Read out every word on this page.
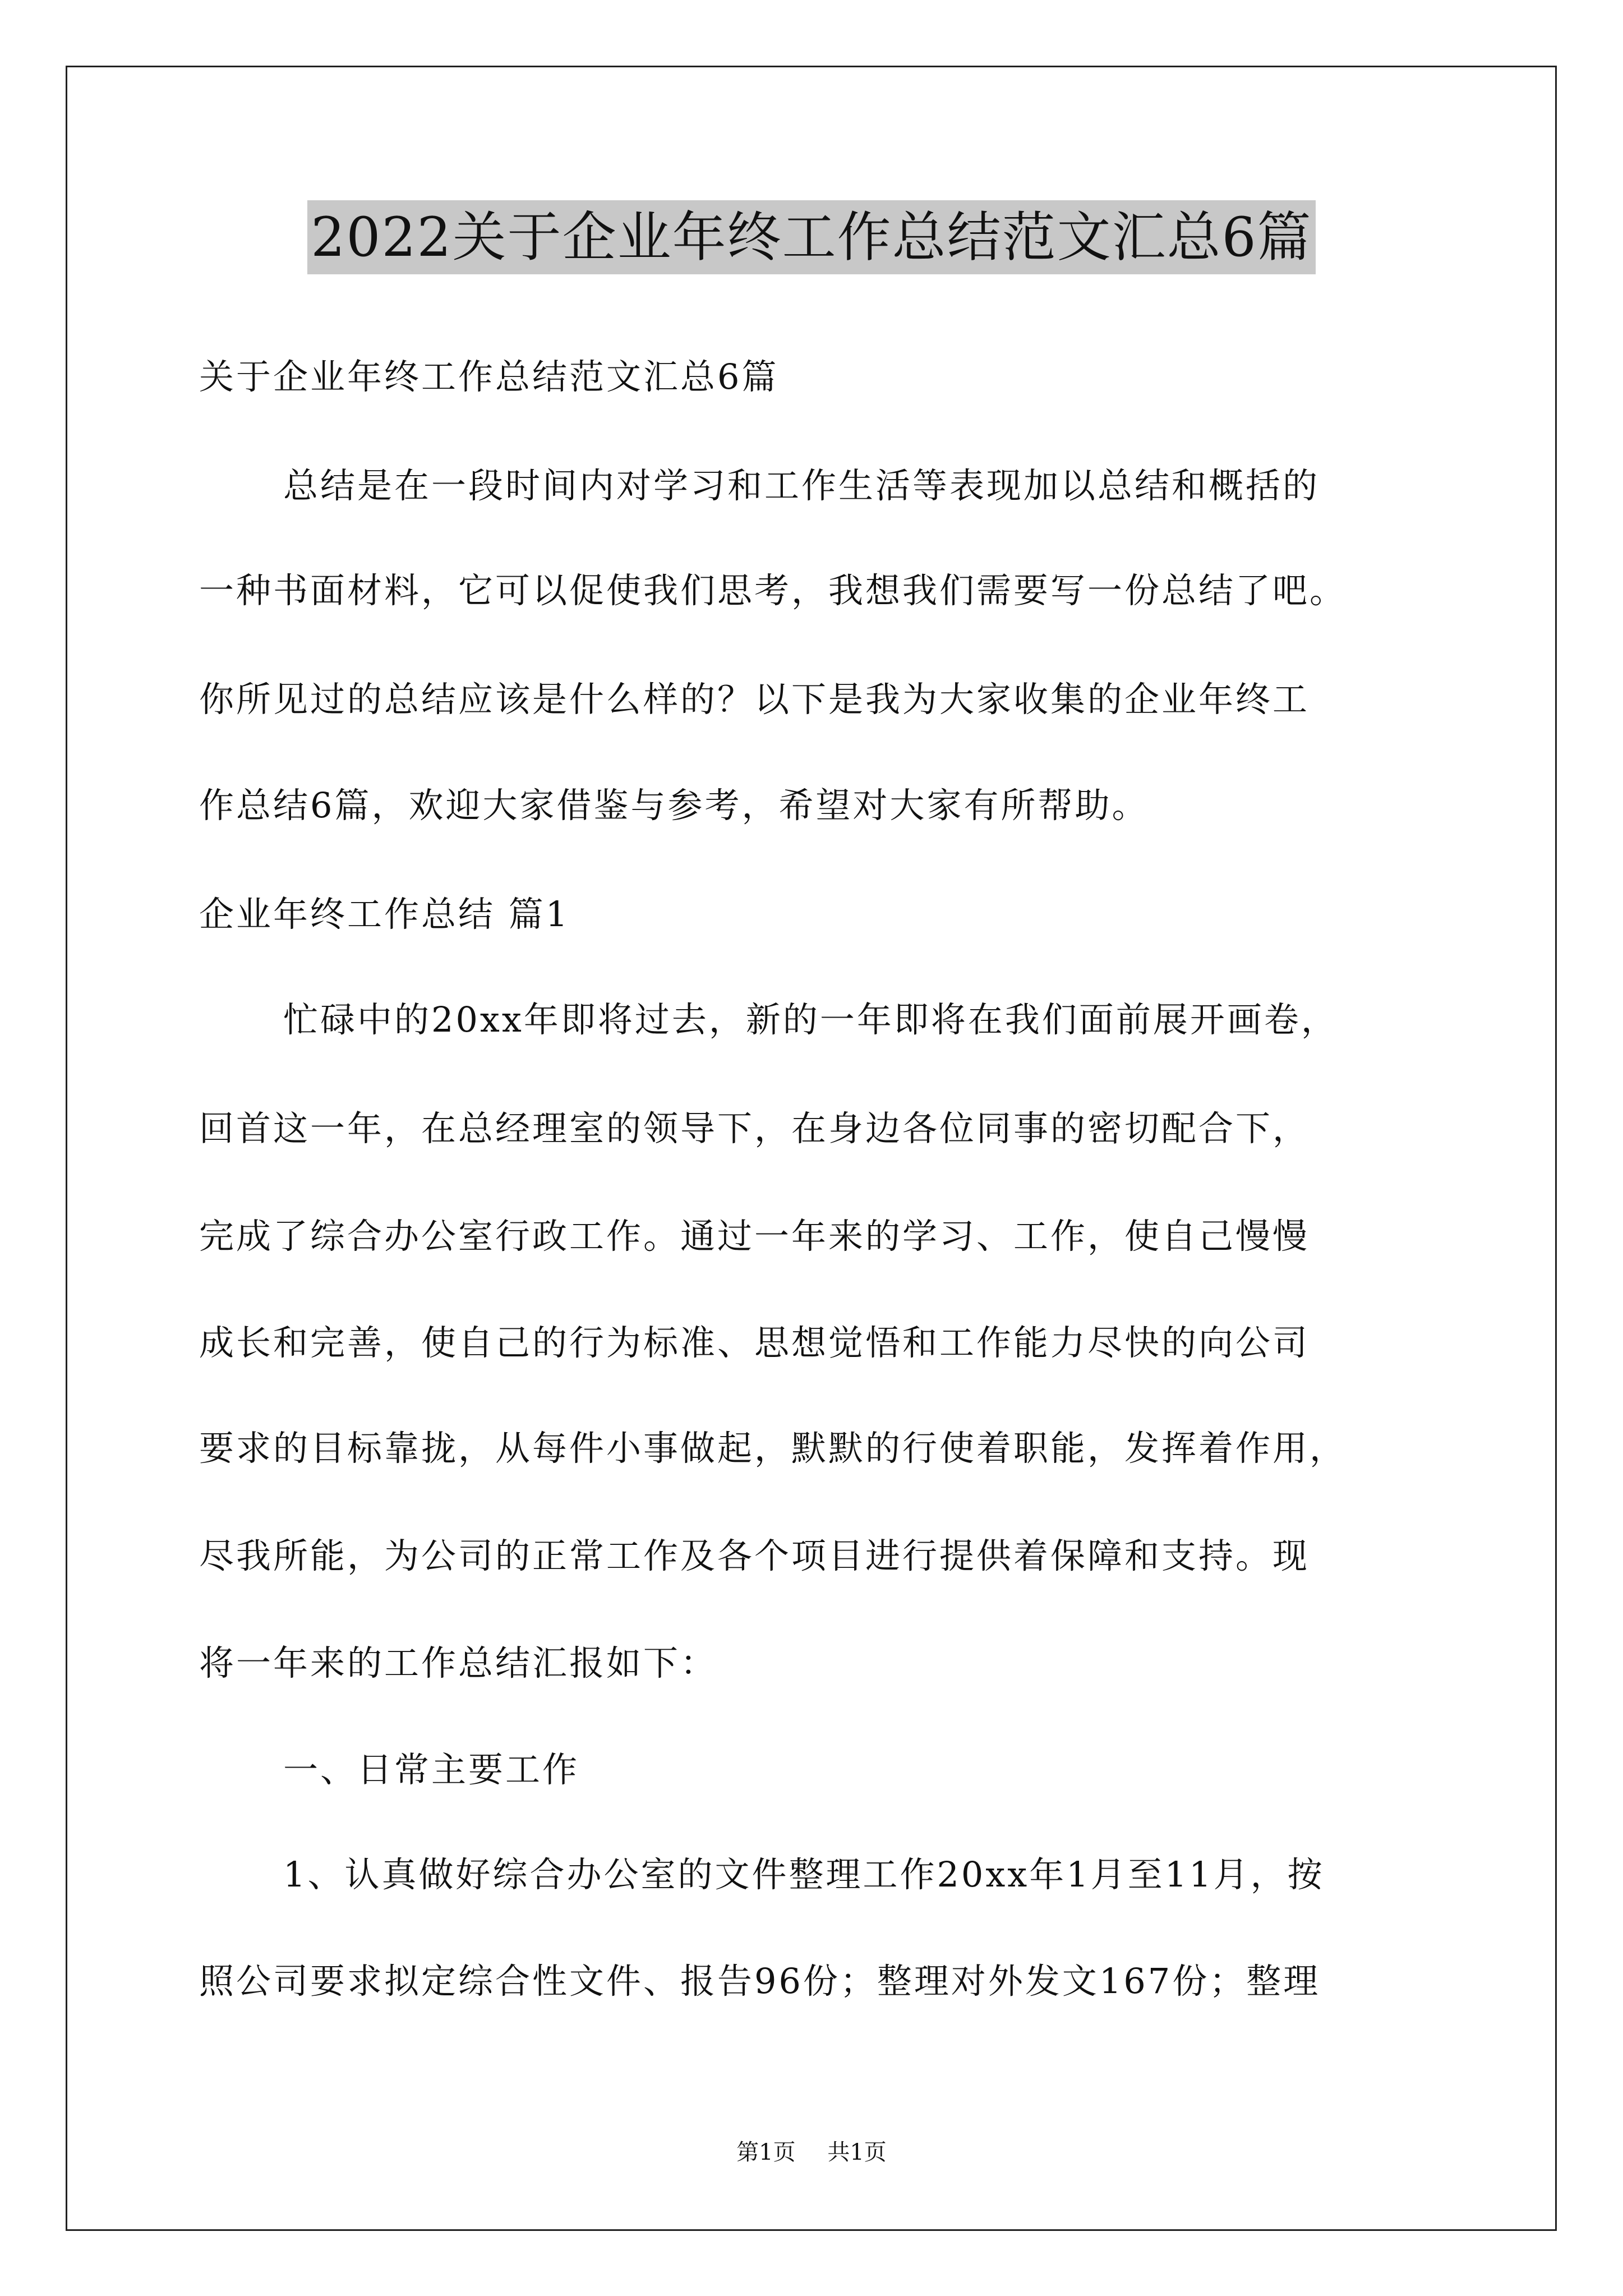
2022关于企业年终工作总结范文汇总6篇
关于企业年终工作总结范文汇总6篇
总结是在一段时间内对学习和工作生活等表现加以总结和概括的
一种书面材料，它可以促使我们思考，我想我们需要写一份总结了吧。
你所见过的总结应该是什么样的？以下是我为大家收集的企业年终工
作总结6篇，欢迎大家借鉴与参考，希望对大家有所帮助。
企业年终工作总结 篇1
忙碌中的20xx年即将过去，新的一年即将在我们面前展开画卷，
回首这一年，在总经理室的领导下，在身边各位同事的密切配合下，
完成了综合办公室行政工作。通过一年来的学习、工作，使自己慢慢
成长和完善，使自己的行为标准、思想觉悟和工作能力尽快的向公司
要求的目标靠拢，从每件小事做起，默默的行使着职能，发挥着作用，
尽我所能，为公司的正常工作及各个项目进行提供着保障和支持。现
将一年来的工作总结汇报如下：
一、日常主要工作
1、认真做好综合办公室的文件整理工作20xx年1月至11月，按
照公司要求拟定综合性文件、报告96份；整理对外发文167份；整理
第1页 共1页
